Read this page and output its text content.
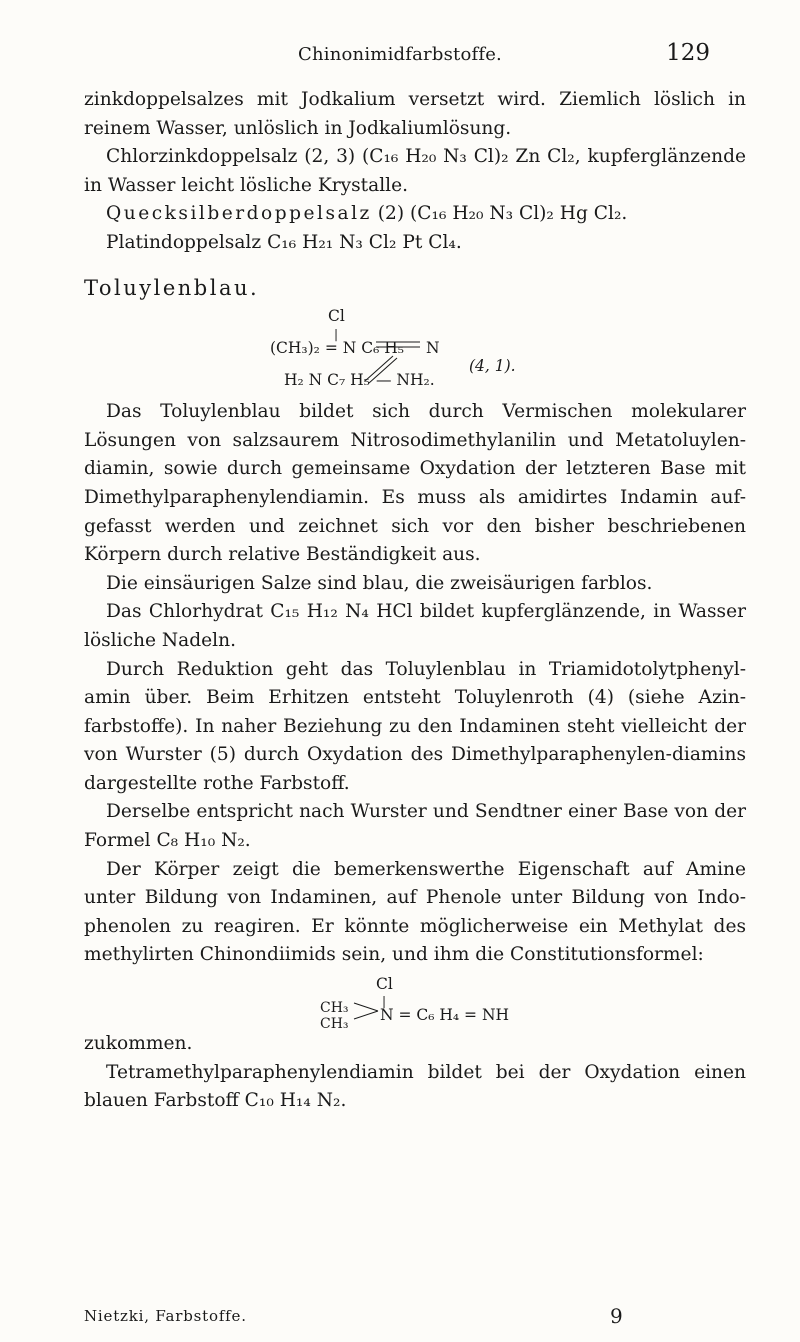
Chinonimidfarbstoffe.	129

zinkdoppelsalzes mit Jodkalium versetzt wird. Ziemlich löslich in reinem Wasser, unlöslich in Jodkaliumlösung.

Chlorzinkdoppelsalz (2, 3) (C₁₆ H₂₀ N₃ Cl)₂ Zn Cl₂, kupferglänzende in Wasser leicht lösliche Krystalle.

Quecksilberdoppelsalz (2) (C₁₆ H₂₀ N₃ Cl)₂ Hg Cl₂.

Platindoppelsalz C₁₆ H₂₁ N₃ Cl₂ Pt Cl₄.

Toluylenblau.

Cl
|
(CH₃)₂ = N C₆ H₅ N
H₂ N C₇ H₅ — NH₂.
(4, 1).

Das Toluylenblau bildet sich durch Vermischen molekularer Lösungen von salzsaurem Nitrosodimethylanilin und Metatoluylen-diamin, sowie durch gemeinsame Oxydation der letzteren Base mit Dimethylparaphenylendiamin. Es muss als amidirtes Indamin auf-gefasst werden und zeichnet sich vor den bisher beschriebenen Körpern durch relative Beständigkeit aus.

Die einsäurigen Salze sind blau, die zweisäurigen farblos.

Das Chlorhydrat C₁₅ H₁₂ N₄ HCl bildet kupferglänzende, in Wasser lösliche Nadeln.

Durch Reduktion geht das Toluylenblau in Triamidotolytphenyl-amin über. Beim Erhitzen entsteht Toluylenroth (4) (siehe Azin-farbstoffe). In naher Beziehung zu den Indaminen steht vielleicht der von Wurster (5) durch Oxydation des Dimethylparaphenylen-diamins dargestellte rothe Farbstoff.

Derselbe entspricht nach Wurster und Sendtner einer Base von der Formel C₈ H₁₀ N₂.

Der Körper zeigt die bemerkenswerthe Eigenschaft auf Amine unter Bildung von Indaminen, auf Phenole unter Bildung von Indo-phenolen zu reagiren. Er könnte möglicherweise ein Methylat des methylirten Chinondiimids sein, und ihm die Constitutionsformel:

Cl
|
CH₃
CH₃ N = C₆ H₄ = NH

zukommen.

Tetramethylparaphenylendiamin bildet bei der Oxydation einen blauen Farbstoff C₁₀ H₁₄ N₂.

Nietzki, Farbstoffe.	9
